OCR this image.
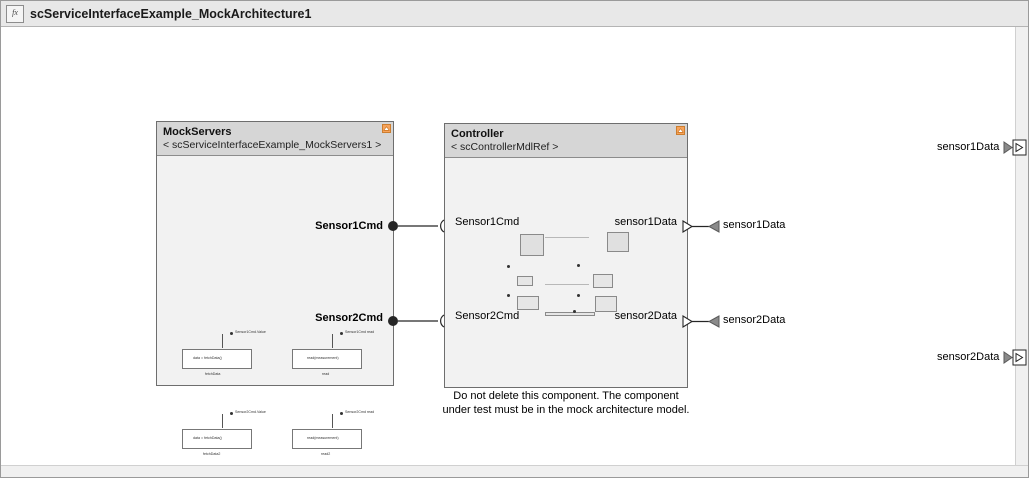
fx scServiceInterfaceExample_MockArchitecture1
MockServers
< scServiceInterfaceExample_MockServers1 >
Sensor1Cmd.Value
data = fetchData()
fetchData
Sensor1Cmd read
read(measurement)
read
Sensor2Cmd.Value
data = fetchData()
fetchData2
Sensor2Cmd read
read(measurement)
read2
Sensor1Cmd
Sensor2Cmd
Controller
< scControllerMdlRef >
Sensor1Cmd
Sensor2Cmd
sensor1Data
sensor2Data
Do not delete this component. The component
under test must be in the mock architecture model.
sensor1Data
sensor2Data
sensor1Data
sensor2Data
